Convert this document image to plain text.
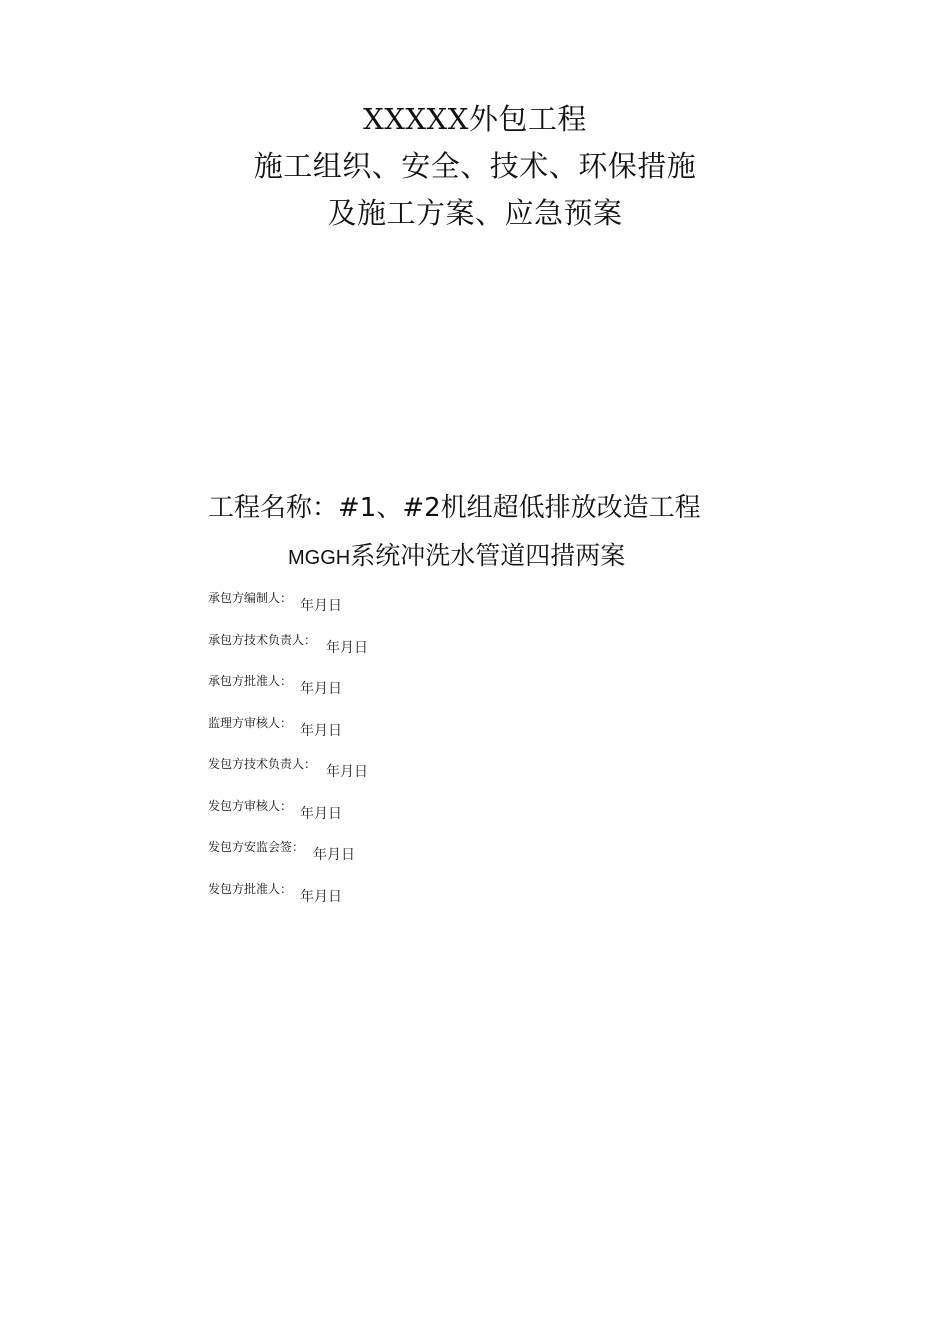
XXXXX外包工程
施工组织、安全、技术、环保措施
及施工方案、应急预案
工程名称：#1、#2机组超低排放改造工程
MGGH系统冲洗水管道四措两案
承包方编制人： 年月日
承包方技术负责人： 年月日
承包方批准人： 年月日
监理方审核人： 年月日
发包方技术负责人： 年月日
发包方审核人： 年月日
发包方安监会签： 年月日
发包方批准人： 年月日
